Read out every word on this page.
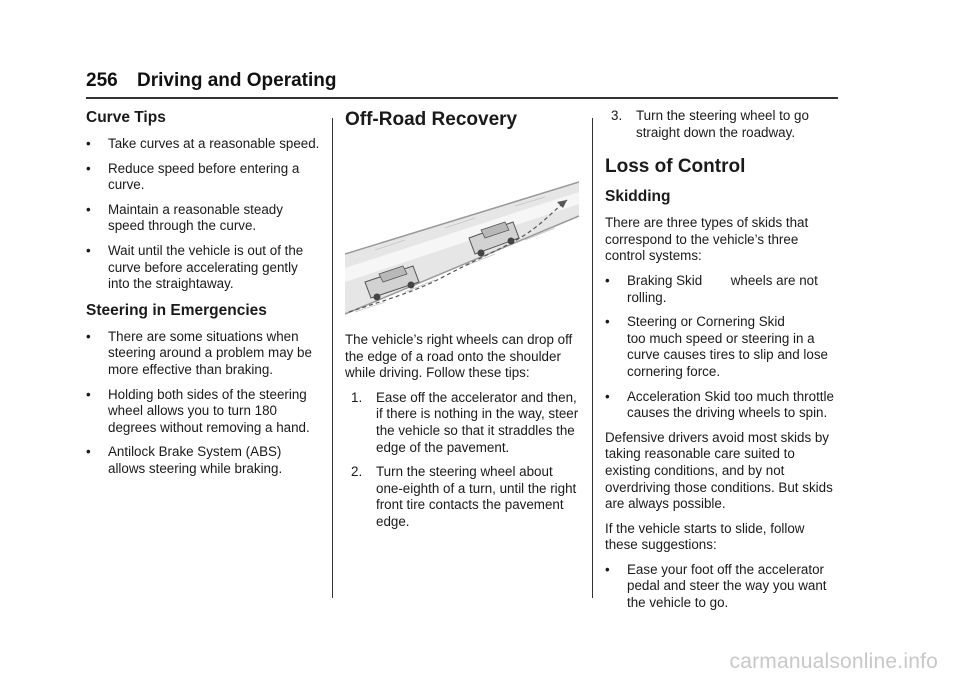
256 Driving and Operating
Curve Tips
•	Take curves at a reasonable speed.
•	Reduce speed before entering a curve.
•	Maintain a reasonable steady speed through the curve.
•	Wait until the vehicle is out of the curve before accelerating gently into the straightaway.
Steering in Emergencies
•	There are some situations when steering around a problem may be more effective than braking.
•	Holding both sides of the steering wheel allows you to turn 180 degrees without removing a hand.
•	Antilock Brake System (ABS) allows steering while braking.
Off-Road Recovery

The vehicle’s right wheels can drop off the edge of a road onto the shoulder while driving. Follow these tips:

1.	Ease off the accelerator and then, if there is nothing in the way, steer the vehicle so that it straddles the edge of the pavement.
2.	Turn the steering wheel about one-eighth of a turn, until the right front tire contacts the pavement edge.
3.	Turn the steering wheel to go straight down the roadway.
Loss of Control
Skidding

There are three types of skids that correspond to the vehicle’s three control systems:

•	Braking Skid wheels are not rolling.
•	Steering or Cornering Skid
too much speed or steering in a curve causes tires to slip and lose cornering force.
•	Acceleration Skid too much throttle causes the driving wheels to spin.

Defensive drivers avoid most skids by taking reasonable care suited to existing conditions, and by not overdriving those conditions. But skids are always possible.

If the vehicle starts to slide, follow these suggestions:

•	Ease your foot off the accelerator pedal and steer the way you want the vehicle to go.
carmanualsonline.info
